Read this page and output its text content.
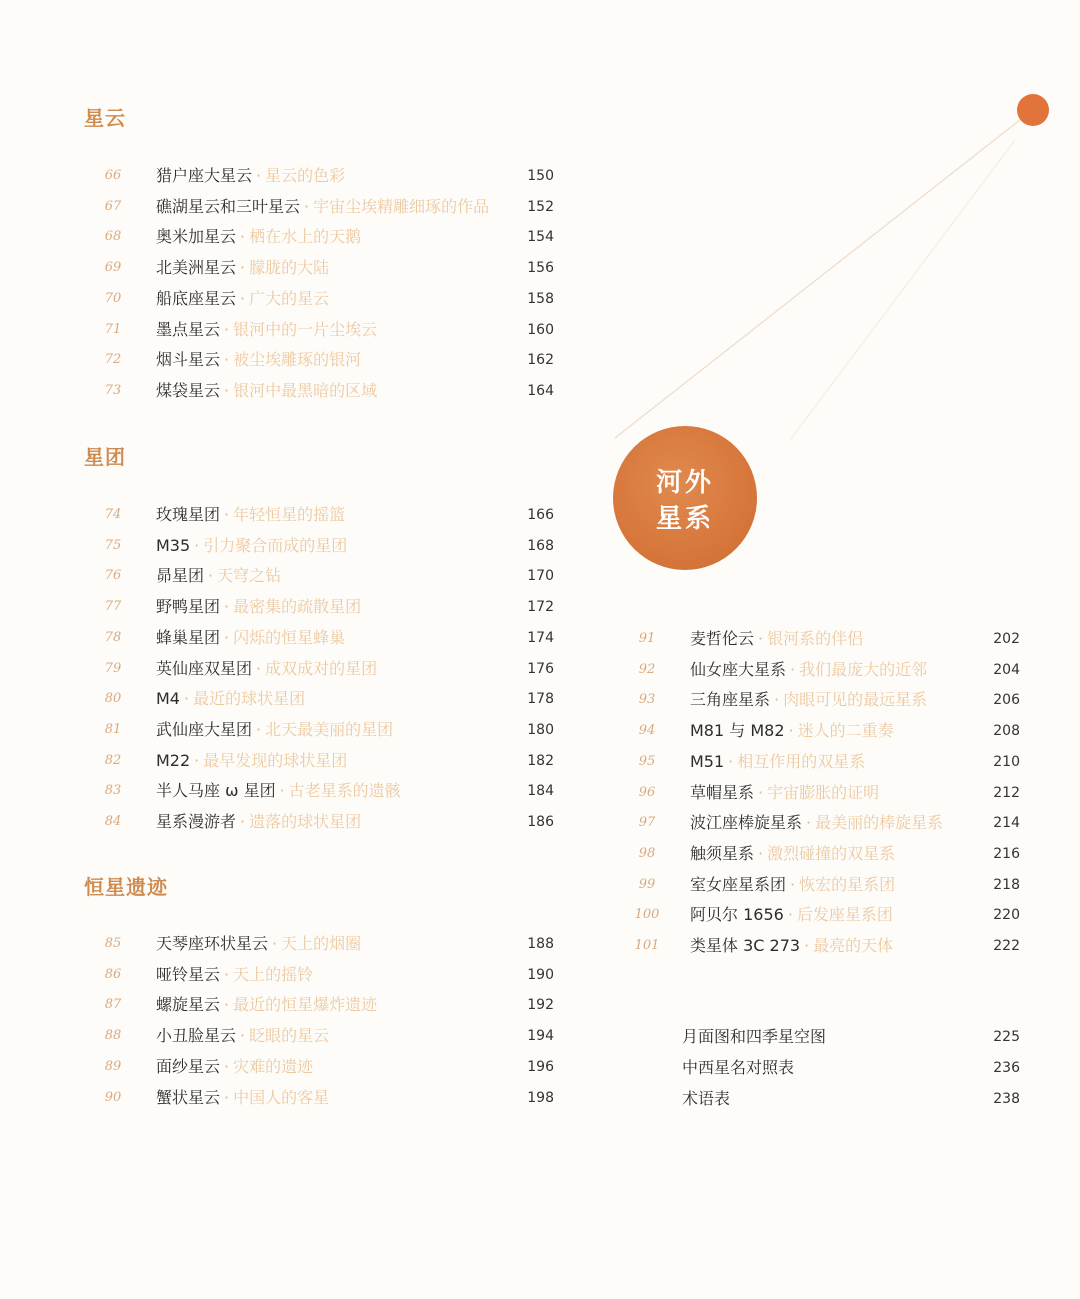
星云
66	猎户座大星云 · 星云的色彩	150
67	礁湖星云和三叶星云 · 宇宙尘埃精雕细琢的作品	152
68	奥米加星云 · 栖在水上的天鹅	154
69	北美洲星云 · 朦胧的大陆	156
70	船底座星云 · 广大的星云	158
71	墨点星云 · 银河中的一片尘埃云	160
72	烟斗星云 · 被尘埃雕琢的银河	162
73	煤袋星云 · 银河中最黑暗的区域	164
星团
74	玫瑰星团 · 年轻恒星的摇篮	166
75	M35 · 引力聚合而成的星团	168
76	昴星团 · 天穹之钻	170
77	野鸭星团 · 最密集的疏散星团	172
78	蜂巢星团 · 闪烁的恒星蜂巢	174
79	英仙座双星团 · 成双成对的星团	176
80	M4 · 最近的球状星团	178
81	武仙座大星团 · 北天最美丽的星团	180
82	M22 · 最早发现的球状星团	182
83	半人马座 ω 星团 · 古老星系的遗骸	184
84	星系漫游者 · 遗落的球状星团	186
恒星遗迹
85	天琴座环状星云 · 天上的烟圈	188
86	哑铃星云 · 天上的摇铃	190
87	螺旋星云 · 最近的恒星爆炸遗迹	192
88	小丑脸星云 · 眨眼的星云	194
89	面纱星云 · 灾难的遗迹	196
90	蟹状星云 · 中国人的客星	198
河外
星系
91	麦哲伦云 · 银河系的伴侣	202
92	仙女座大星系 · 我们最庞大的近邻	204
93	三角座星系 · 肉眼可见的最远星系	206
94	M81 与 M82 · 迷人的二重奏	208
95	M51 · 相互作用的双星系	210
96	草帽星系 · 宇宙膨胀的证明	212
97	波江座棒旋星系 · 最美丽的棒旋星系	214
98	触须星系 · 激烈碰撞的双星系	216
99	室女座星系团 · 恢宏的星系团	218
100 阿贝尔 1656 · 后发座星系团	220
101 类星体 3C 273 · 最亮的天体	222
月面图和四季星空图	225
中西星名对照表	236
术语表	238
